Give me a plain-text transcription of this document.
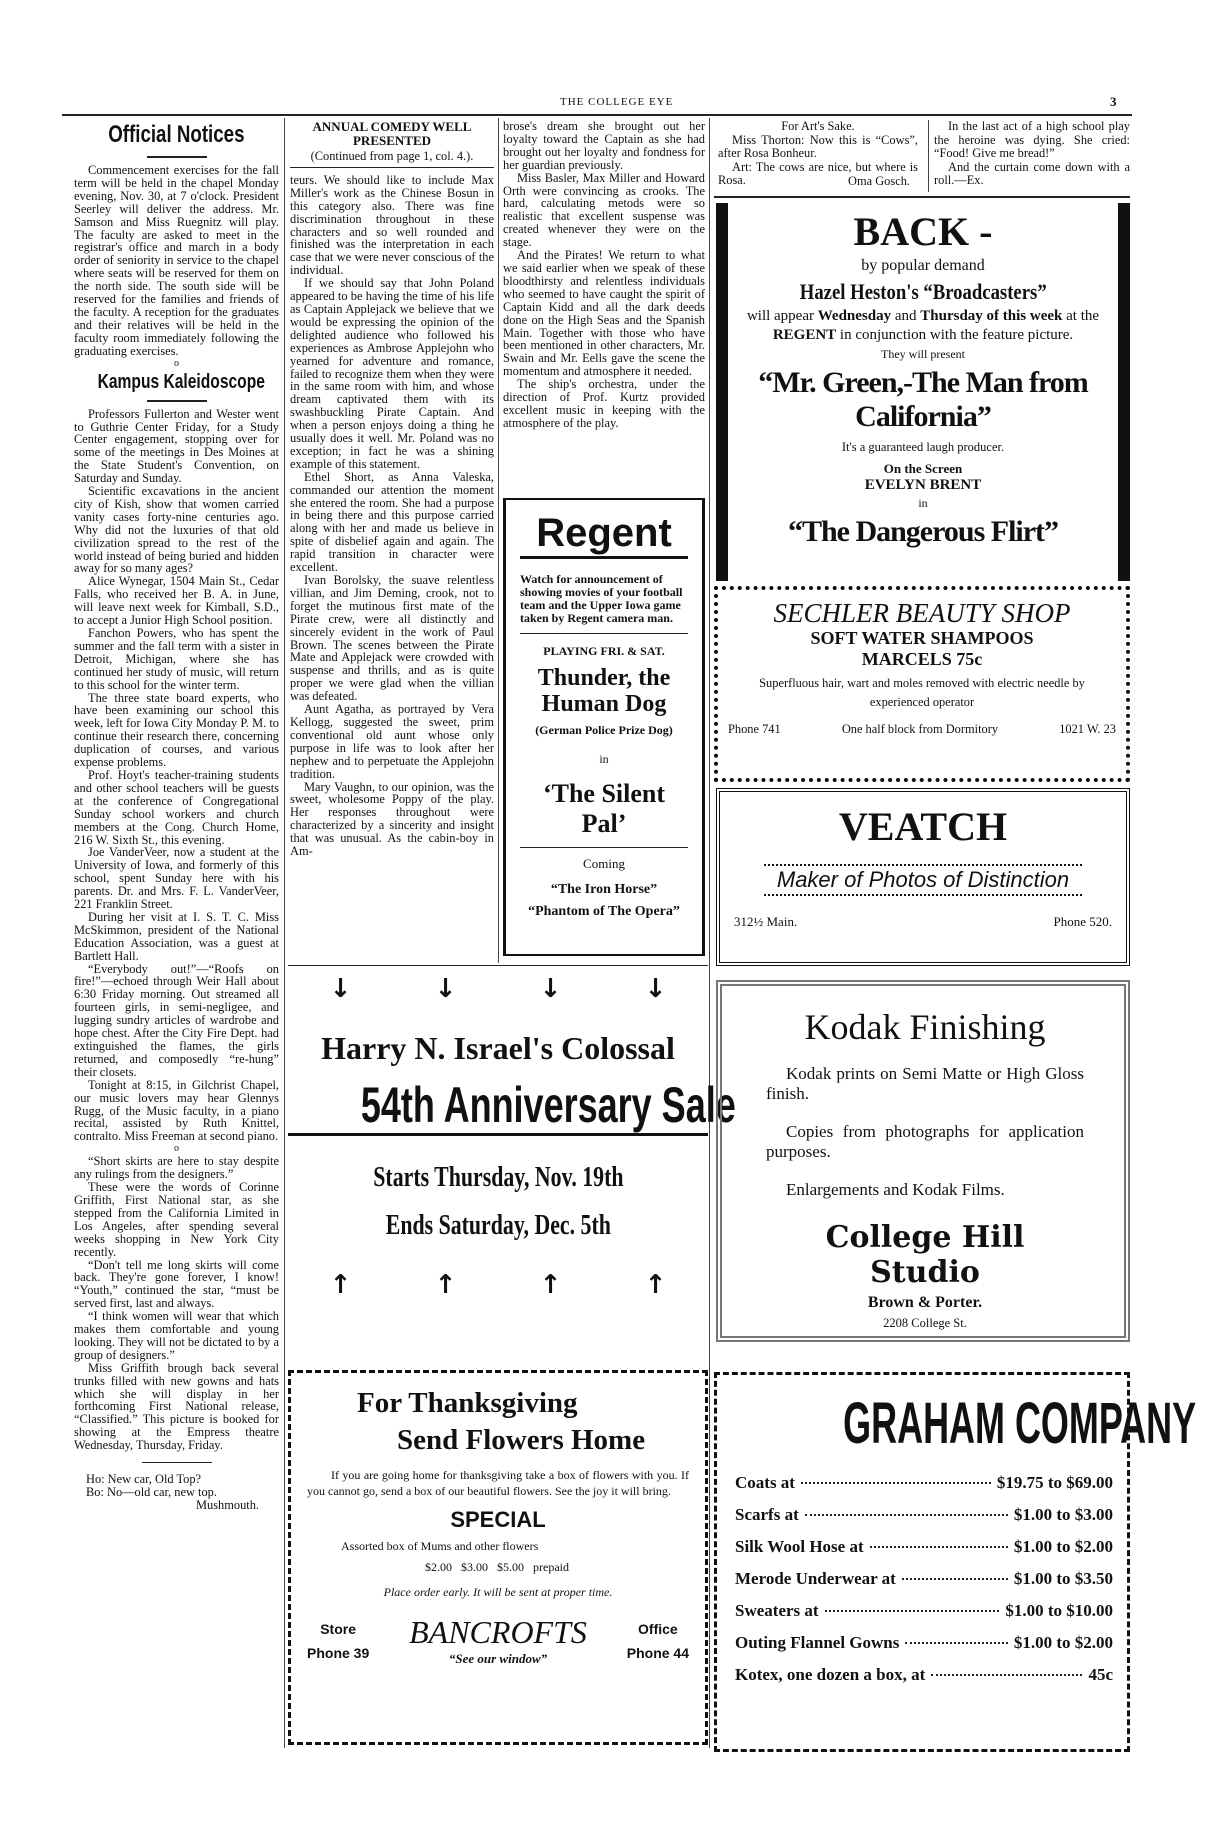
THE COLLEGE EYE	3
Official Notices

Commencement exercises for the fall term will be held in the chapel Monday evening, Nov. 30, at 7 o'clock. President Seerley will deliver the address. Mr. Samson and Miss Ruegnitz will play. The faculty are asked to meet in the registrar's office and march in a body order of seniority in service to the chapel where seats will be reserved for them on the north side. The south side will be reserved for the families and friends of the faculty. A reception for the graduates and their relatives will be held in the faculty room immediately following the graduating exercises.

o
Kampus Kaleidoscope

Professors Fullerton and Wester went to Guthrie Center Friday, for a Study Center engagement, stopping over for some of the meetings in Des Moines at the State Student's Convention, on Saturday and Sunday.

Scientific excavations in the ancient city of Kish, show that women carried vanity cases forty-nine centuries ago. Why did not the luxuries of that old civilization spread to the rest of the world instead of being buried and hidden away for so many ages?

Alice Wynegar, 1504 Main St., Cedar Falls, who received her B. A. in June, will leave next week for Kimball, S.D., to accept a Junior High School position.

Fanchon Powers, who has spent the summer and the fall term with a sister in Detroit, Michigan, where she has continued her study of music, will return to this school for the winter term.

The three state board experts, who have been examining our school this week, left for Iowa City Monday P. M. to continue their research there, concerning duplication of courses, and various expense problems.

Prof. Hoyt's teacher-training students and other school teachers will be guests at the conference of Congregational Sunday school workers and church members at the Cong. Church Home, 216 W. Sixth St., this evening.

Joe VanderVeer, now a student at the University of Iowa, and formerly of this school, spent Sunday here with his parents. Dr. and Mrs. F. L. VanderVeer, 221 Franklin Street.

During her visit at I. S. T. C. Miss McSkimmon, president of the National Education Association, was a guest at Bartlett Hall.

“Everybody out!”—“Roofs on fire!”—echoed through Weir Hall about 6:30 Friday morning. Out streamed all fourteen girls, in semi-negligee, and lugging sundry articles of wardrobe and hope chest. After the City Fire Dept. had extinguished the flames, the girls returned, and composedly “re-hung” their closets.

Tonight at 8:15, in Gilchrist Chapel, our music lovers may hear Glennys Rugg, of the Music faculty, in a piano recital, assisted by Ruth Knittel, contralto. Miss Freeman at second piano.

o

“Short skirts are here to stay despite any rulings from the designers.”

These were the words of Corinne Griffith, First National star, as she stepped from the California Limited in Los Angeles, after spending several weeks shopping in New York City recently.

“Don't tell me long skirts will come back. They're gone forever, I know! “Youth,” continued the star, “must be served first, last and always.

“I think women will wear that which makes them comfortable and young looking. They will not be dictated to by a group of designers.”

Miss Griffith brough back several trunks filled with new gowns and hats which she will display in her forthcoming First National release, “Classified.” This picture is booked for showing at the Empress theatre Wednesday, Thursday, Friday.

Ho: New car, Old Top?
Bo: No—old car, new top.
Mushmouth.
ANNUAL COMEDY WELL PRESENTED
(Continued from page 1, col. 4.).

teurs. We should like to include Max Miller's work as the Chinese Bosun in this category also. There was fine discrimination throughout in these characters and so well rounded and finished was the interpretation in each case that we were never conscious of the individual.

If we should say that John Poland appeared to be having the time of his life as Captain Applejack we believe that we would be expressing the opinion of the delighted audience who followed his experiences as Ambrose Applejohn who yearned for adventure and romance, failed to recognize them when they were in the same room with him, and whose dream captivated them with its swashbuckling Pirate Captain. And when a person enjoys doing a thing he usually does it well. Mr. Poland was no exception; in fact he was a shining example of this statement.

Ethel Short, as Anna Valeska, commanded our attention the moment she entered the room. She had a purpose in being there and this purpose carried along with her and made us believe in spite of disbelief again and again. The rapid transition in character were excellent.

Ivan Borolsky, the suave relentless villian, and Jim Deming, crook, not to forget the mutinous first mate of the Pirate crew, were all distinctly and sincerely evident in the work of Paul Brown. The scenes between the Pirate Mate and Applejack were crowded with suspense and thrills, and as is quite proper we were glad when the villian was defeated.

Aunt Agatha, as portrayed by Vera Kellogg, suggested the sweet, prim conventional old aunt whose only purpose in life was to look after her nephew and to perpetuate the Applejohn tradition.

Mary Vaughn, to our opinion, was the sweet, wholesome Poppy of the play. Her responses throughout were characterized by a sincerity and insight that was unusual. As the cabin-boy in Am-

brose's dream she brought out her loyalty toward the Captain as she had brought out her loyalty and fondness for her guardian previously.

Miss Basler, Max Miller and Howard Orth were convincing as crooks. The hard, calculating metods were so realistic that excellent suspense was created whenever they were on the stage.

And the Pirates! We return to what we said earlier when we speak of these bloodthirsty and relentless individuals who seemed to have caught the spirit of Captain Kidd and all the dark deeds done on the High Seas and the Spanish Main. Together with those who have been mentioned in other characters, Mr. Swain and Mr. Eells gave the scene the momentum and atmosphere it needed.

The ship's orchestra, under the direction of Prof. Kurtz provided excellent music in keeping with the atmosphere of the play.

Regent
Watch for announcement of showing movies of your football team and the Upper Iowa game taken by Regent camera man.
PLAYING FRI. & SAT.
Thunder, the Human Dog
(German Police Prize Dog)
in
‘The Silent Pal’
Coming
“The Iron Horse”
“Phantom of The Opera”
↓	↓	↓	↓
Harry N. Israel's Colossal
54th Anniversary Sale
Starts Thursday, Nov. 19th
Ends Saturday, Dec. 5th
↑	↑	↑	↑
For Thanksgiving
Send Flowers Home

If you are going home for thanksgiving take a box of flowers with you. If you cannot go, send a box of our beautiful flowers. See the joy it will bring.

SPECIAL
Assorted box of Mums and other flowers
$2.00   $3.00   $5.00   prepaid
Place order early. It will be sent at proper time.
Store
Phone 39
BANCROFTS
“See our window”
Office
Phone 44
For Art's Sake.

Miss Thorton: Now this is “Cows”, after Rosa Bonheur.

Art: The cows are nice, but where is Rosa.	Oma Gosch.

In the last act of a high school play the heroine was dying. She cried: “Food! Give me bread!”

And the curtain come down with a roll.—Ex.

BACK -
by popular demand
Hazel Heston's “Broadcasters”
will appear Wednesday and Thursday of this week at the REGENT in conjunction with the feature picture.
They will present
“Mr. Green,-The Man from California”
It's a guaranteed laugh producer.
On the Screen
EVELYN BRENT
in
“The Dangerous Flirt”
SECHLER BEAUTY SHOP
SOFT WATER SHAMPOOS
MARCELS 75c
Superfluous hair, wart and moles removed with electric needle by experienced operator
Phone 741	One half block from Dormitory	1021 W. 23
VEATCH
Maker of Photos of Distinction
312½ Main.	Phone 520.
Kodak Finishing

Kodak prints on Semi Matte or High Gloss finish.

Copies from photographs for application purposes.

Enlargements and Kodak Films.

College Hill Studio
Brown & Porter.
2208 College St.
GRAHAM COMPANY
Coats at	$19.75 to $69.00
Scarfs at	$1.00 to $3.00
Silk Wool Hose at	$1.00 to $2.00
Merode Underwear at	$1.00 to $3.50
Sweaters at	$1.00 to $10.00
Outing Flannel Gowns	$1.00 to $2.00
Kotex, one dozen a box, at	45c
